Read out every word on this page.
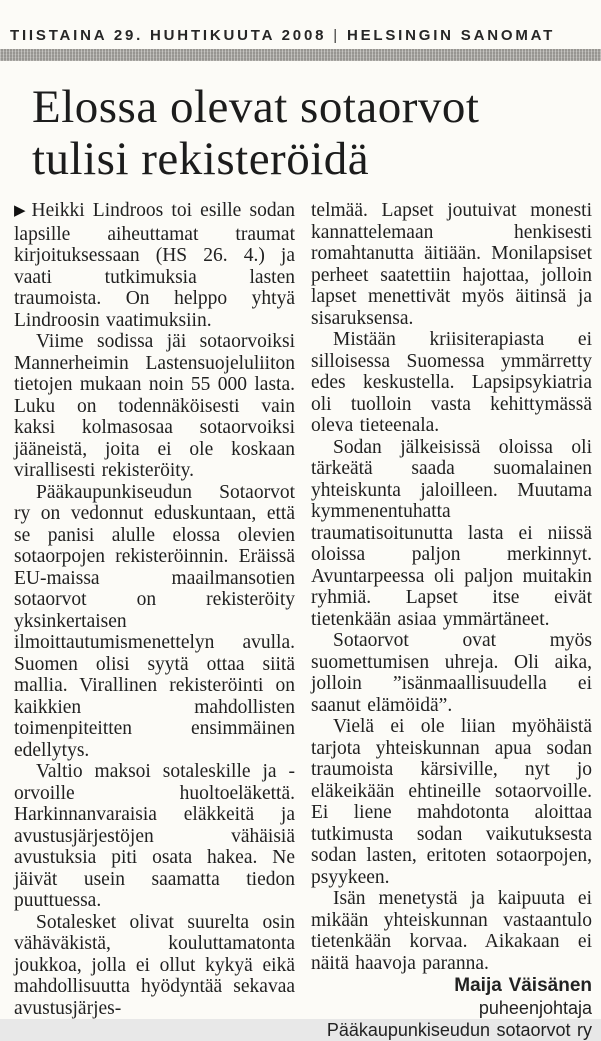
TIISTAINA 29. HUHTIKUUTA 2008 | HELSINGIN SANOMAT
Elossa olevat sotaorvot
tulisi rekisteröidä

▶ Heikki Lindroos toi esille sodan lapsille aiheuttamat traumat kirjoituksessaan (HS 26. 4.) ja vaati tutkimuksia lasten traumoista. On helppo yhtyä Lindroosin vaatimuksiin.

Viime sodissa jäi sotaorvoiksi Mannerheimin Lastensuojeluliiton tietojen mukaan noin 55 000 lasta. Luku on todennäköisesti vain kaksi kolmasosaa sotaorvoiksi jääneistä, joita ei ole koskaan virallisesti rekisteröity.

Pääkaupunkiseudun Sotaorvot ry on vedonnut eduskuntaan, että se panisi alulle elossa olevien sotaorpojen rekisteröinnin. Eräissä EU-maissa maailmansotien sotaorvot on rekisteröity yksinkertaisen ilmoittautumismenettelyn avulla. Suomen olisi syytä ottaa siitä mallia. Virallinen rekisteröinti on kaikkien mahdollisten toimenpiteitten ensimmäinen edellytys.

Valtio maksoi sotaleskille ja -orvoille huoltoeläkettä. Harkinnanvaraisia eläkkeitä ja avustusjärjestöjen vähäisiä avustuksia piti osata hakea. Ne jäivät usein saamatta tiedon puuttuessa.

Sotalesket olivat suurelta osin vähäväkistä, kouluttamatonta joukkoa, jolla ei ollut kykyä eikä mahdollisuutta hyödyntää sekavaa avustusjärjes-

telmää. Lapset joutuivat monesti kannattelemaan henkisesti romahtanutta äitiään. Monilapsiset perheet saatettiin hajottaa, jolloin lapset menettivät myös äitinsä ja sisaruksensa.

Mistään kriisiterapiasta ei silloisessa Suomessa ymmärretty edes keskustella. Lapsipsykiatria oli tuolloin vasta kehittymässä oleva tieteenala.

Sodan jälkeisissä oloissa oli tärkeätä saada suomalainen yhteiskunta jaloilleen. Muutama kymmenentuhatta traumatisoitunutta lasta ei niissä oloissa paljon merkinnyt. Avuntarpeessa oli paljon muitakin ryhmiä. Lapset itse eivät tietenkään asiaa ymmärtäneet.

Sotaorvot ovat myös suomettumisen uhreja. Oli aika, jolloin ”isänmaallisuudella ei saanut elämöidä”.

Vielä ei ole liian myöhäistä tarjota yhteiskunnan apua sodan traumoista kärsiville, nyt jo eläkeikään ehtineille sotaorvoille. Ei liene mahdotonta aloittaa tutkimusta sodan vaikutuksesta sodan lasten, eritoten sotaorpojen, psyykeen.

Isän menetystä ja kaipuuta ei mikään yhteiskunnan vastaantulo tietenkään korvaa. Aikakaan ei näitä haavoja paranna.

Maija Väisänen
puheenjohtaja
Pääkaupunkiseudun sotaorvot ry
